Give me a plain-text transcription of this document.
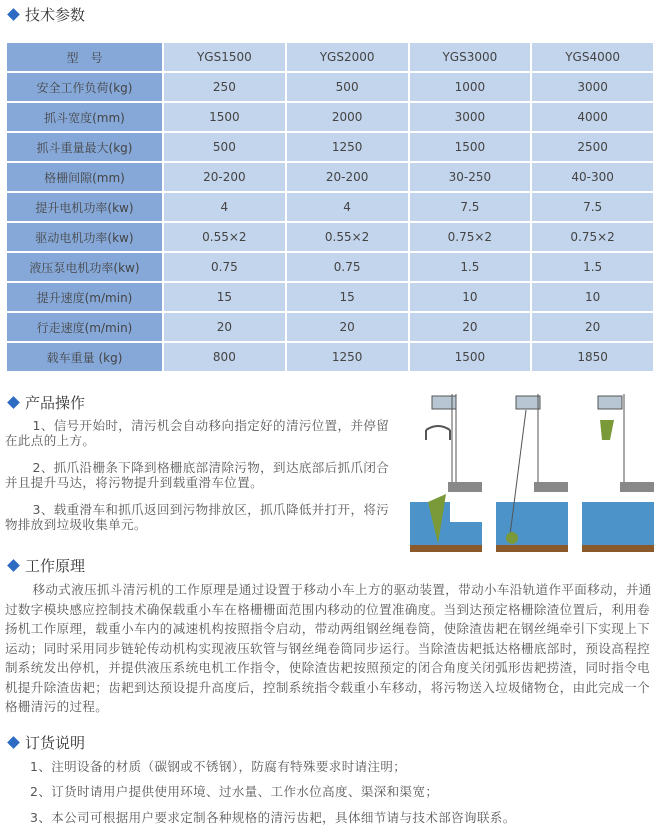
技术参数
型　号	YGS1500	YGS2000	YGS3000	YGS4000
安全工作负荷(kg)	250	500	1000	3000
抓斗宽度(mm)	1500	2000	3000	4000
抓斗重量最大(kg)	500	1250	1500	2500
格栅间隙(mm)	20-200	20-200	30-250	40-300
提升电机功率(kw)	4	4	7.5	7.5
驱动电机功率(kw)	0.55×2	0.55×2	0.75×2	0.75×2
液压泵电机功率(kw)	0.75	0.75	1.5	1.5
提升速度(m/min)	15	15	10	10
行走速度(m/min)	20	20	20	20
载车重量 (kg)	800	1250	1500	1850
产品操作

1、信号开始时，清污机会自动移向指定好的清污位置，并停留在此点的上方。

2、抓爪沿栅条下降到格栅底部清除污物，到达底部后抓爪闭合并且提升马达，将污物提升到载重滑车位置。

3、载重滑车和抓爪返回到污物排放区，抓爪降低并打开，将污物排放到垃圾收集单元。

工作原理

移动式液压抓斗清污机的工作原理是通过设置于移动小车上方的驱动装置，带动小车沿轨道作平面移动，并通过数字模块感应控制技术确保载重小车在格栅栅面范围内移动的位置准确度。当到达预定格栅除渣位置后，利用卷扬机工作原理，载重小车内的减速机构按照指令启动，带动两组钢丝绳卷筒，使除渣齿耙在钢丝绳牵引下实现上下运动；同时采用同步链轮传动机构实现液压软管与钢丝绳卷筒同步运行。当除渣齿耙抵达格栅底部时，预设高程控制系统发出停机，并提供液压系统电机工作指令，使除渣齿耙按照预定的闭合角度关闭弧形齿耙捞渣，同时指令电机提升除渣齿耙；齿耙到达预设提升高度后，控制系统指令载重小车移动，将污物送入垃圾储物仓，由此完成一个格栅清污的过程。

订货说明
1、注明设备的材质（碳钢或不锈钢），防腐有特殊要求时请注明；
2、订货时请用户提供使用环境、过水量、工作水位高度、渠深和渠宽；
3、本公司可根据用户要求定制各种规格的清污齿耙，具体细节请与技术部咨询联系。
